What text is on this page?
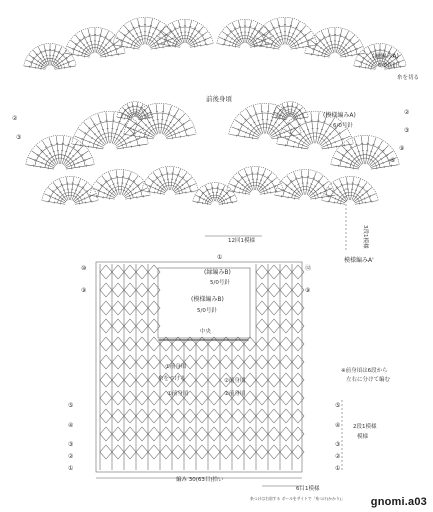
前後身頃
(縁編みA)
6/0号針
糸を切る
(模様編みA)
6/0号針
12回1模様	3段1模様
模様編みA'
②
③
⑨
⑧
②
③
①
(縁編みB)
5/0号針
(模様編みB)
5/0号針
中央
糸をつける
①前身頃
②前身頃
①前身頃	②前身頃
※前身頃は6段から
左右に分けて編む
2段1模様
模様
編み 30(63目)拾い
6目1模様
糸つけは右肩する ボールをサイトで「糸つけ(かかり)」
⑩
⑨
⑤
④
③
②
①
⑫
⑨
⑤
④
③
②
①
gnomi.a03
